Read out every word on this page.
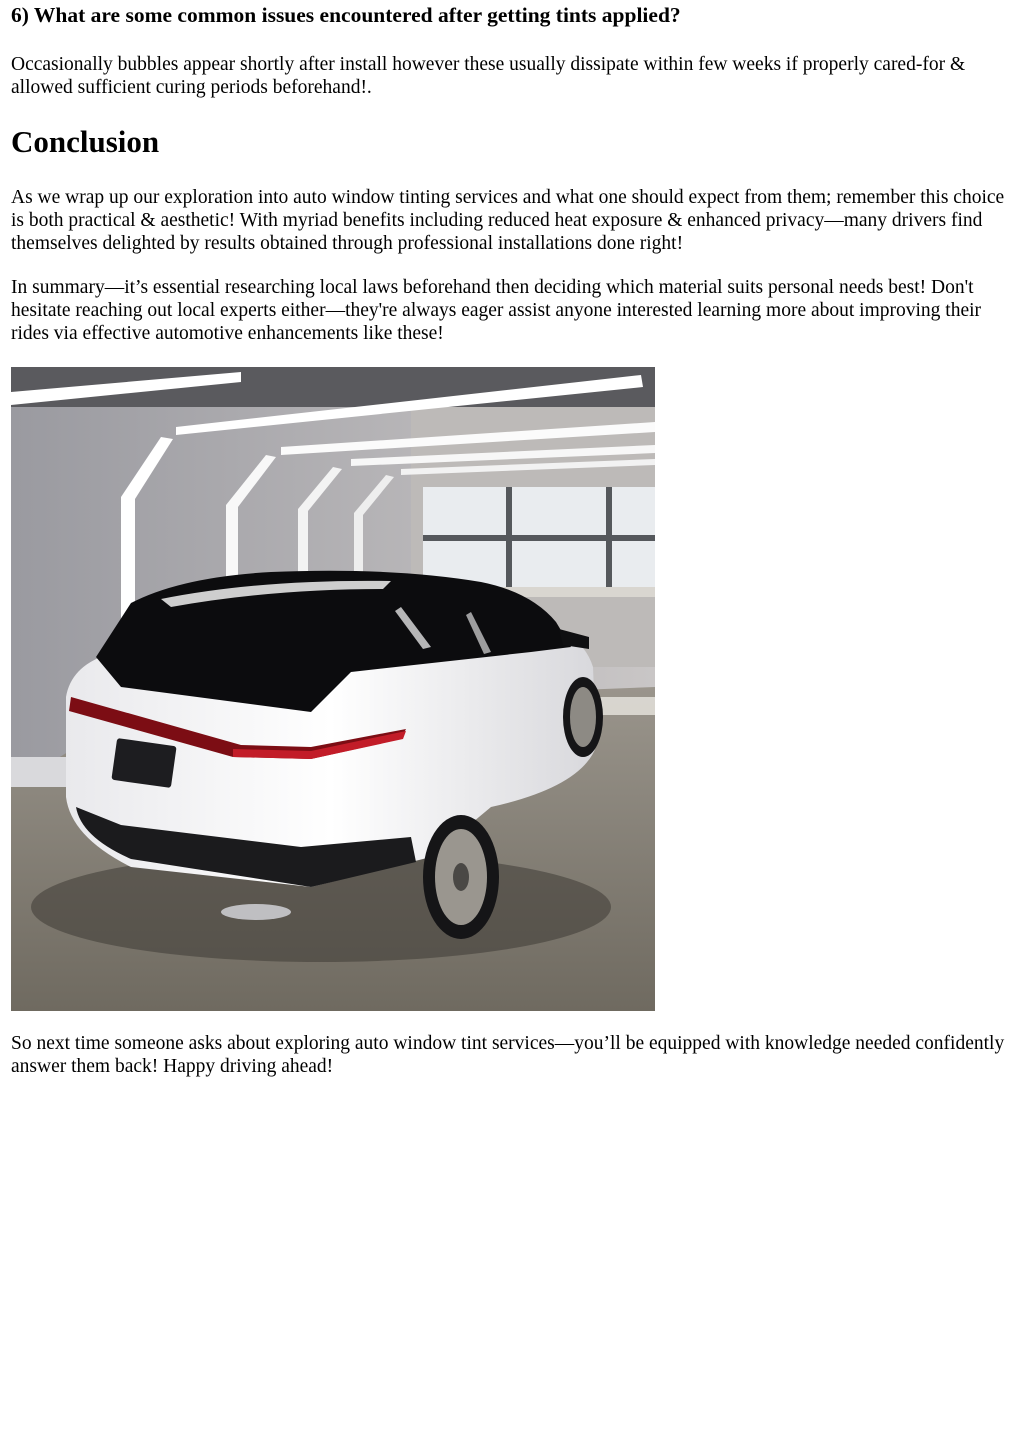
6) What are some common issues encountered after getting tints applied?

Occasionally bubbles appear shortly after install however these usually dissipate within few weeks if properly cared-for & allowed sufficient curing periods beforehand!.

Conclusion

As we wrap up our exploration into auto window tinting services and what one should expect from them; remember this choice is both practical & aesthetic! With myriad benefits including reduced heat exposure & enhanced privacy—many drivers find themselves delighted by results obtained through professional installations done right!

In summary—it’s essential researching local laws beforehand then deciding which material suits personal needs best! Don't hesitate reaching out local experts either—they're always eager assist anyone interested learning more about improving their rides via effective automotive enhancements like these!

So next time someone asks about exploring auto window tint services—you’ll be equipped with knowledge needed confidently answer them back! Happy driving ahead!
